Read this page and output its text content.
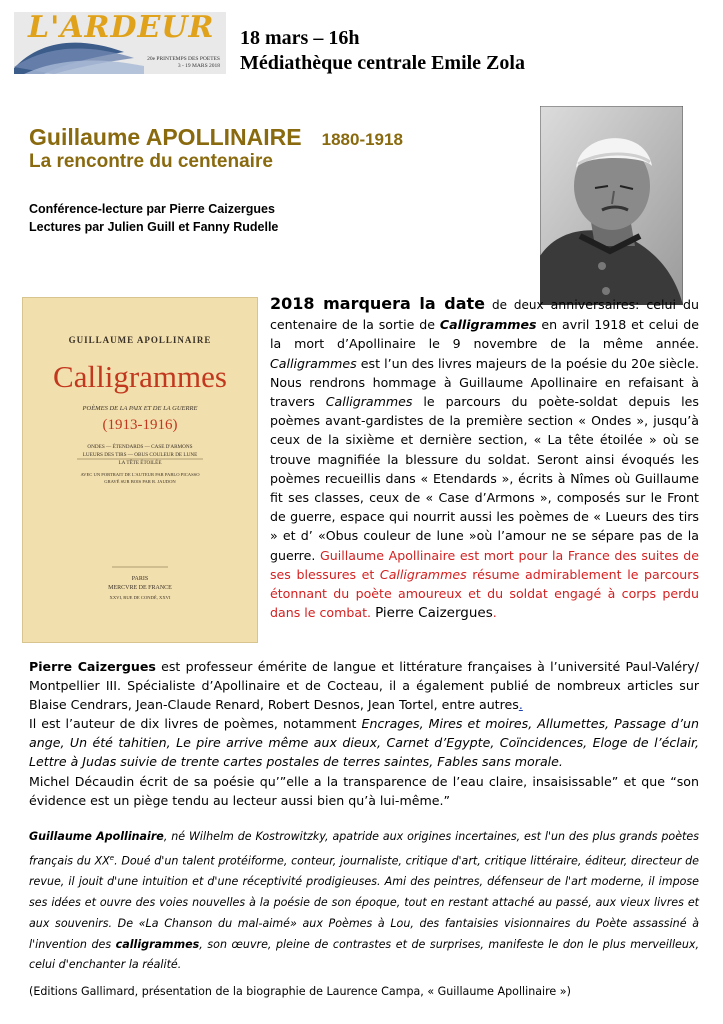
L'ARDEUR
20e PRINTEMPS DES POETES
3 - 19 MARS 2018
18 mars – 16h
Médiathèque centrale Emile Zola
Guillaume APOLLINAIRE 1880-1918
La rencontre du centenaire
Conférence-lecture par Pierre Caizergues
Lectures par Julien Guill et Fanny Rudelle
GUILLAUME APOLLINAIRE
Calligrammes
POÈMES DE LA PAIX ET DE LA GUERRE
(1913-1916)
ONDES — ÉTENDARDS — CASE D'ARMONS
LUEURS DES TIRS — OBUS COULEUR DE LUNE
LA TÊTE ÉTOILÉE
AVEC UN PORTRAIT DE L'AUTEUR PAR PABLO PICASSO
GRAVÉ SUR BOIS PAR R. JAUDON
PARIS
MERCVRE DE FRANCE
XXVI, RUE DE CONDÉ, XXVI
2018 marquera la date de deux anniversaires: celui du centenaire de la sortie de Calligrammes en avril 1918 et celui de la mort d’Apollinaire le 9 novembre de la même année. Calligrammes est l’un des livres majeurs de la poésie du 20e siècle. Nous rendrons hommage à Guillaume Apollinaire en refaisant à travers Calligrammes le parcours du poète-soldat depuis les poèmes avant-gardistes de la première section « Ondes », jusqu’à ceux de la sixième et dernière section, « La tête étoilée » où se trouve magnifiée la blessure du soldat. Seront ainsi évoqués les poèmes recueillis dans « Etendards », écrits à Nîmes où Guillaume fit ses classes, ceux de « Case d’Armons », composés sur le Front de guerre, espace qui nourrit aussi les poèmes de « Lueurs des tirs » et d’ «Obus couleur de lune »où l’amour ne se sépare pas de la guerre. Guillaume Apollinaire est mort pour la France des suites de ses blessures et Calligrammes résume admirablement le parcours étonnant du poète amoureux et du soldat engagé à corps perdu dans le combat. Pierre Caizergues.

Pierre Caizergues est professeur émérite de langue et littérature françaises à l’université Paul-Valéry/ Montpellier III. Spécialiste d’Apollinaire et de Cocteau, il a également publié de nombreux articles sur Blaise Cendrars, Jean-Claude Renard, Robert Desnos, Jean Tortel, entre autres.

Il est l’auteur de dix livres de poèmes, notamment Encrages, Mires et moires, Allumettes, Passage d’un ange, Un été tahitien, Le pire arrive même aux dieux, Carnet d’Egypte, Coïncidences, Eloge de l’éclair, Lettre à Judas suivie de trente cartes postales de terres saintes, Fables sans morale.

Michel Décaudin écrit de sa poésie qu’”elle a la transparence de l’eau claire, insaisissable” et que “son évidence est un piège tendu au lecteur aussi bien qu’à lui-même.”

Guillaume Apollinaire, né Wilhelm de Kostrowitzky, apatride aux origines incertaines, est l'un des plus grands poètes français du XXe. Doué d'un talent protéiforme, conteur, journaliste, critique d'art, critique littéraire, éditeur, directeur de revue, il jouit d'une intuition et d'une réceptivité prodigieuses. Ami des peintres, défenseur de l'art moderne, il impose ses idées et ouvre des voies nouvelles à la poésie de son époque, tout en restant attaché au passé, aux vieux livres et aux souvenirs. De «La Chanson du mal-aimé» aux Poèmes à Lou, des fantaisies visionnaires du Poète assassiné à l'invention des calligrammes, son œuvre, pleine de contrastes et de surprises, manifeste le don le plus merveilleux, celui d'enchanter la réalité.
(Editions Gallimard, présentation de la biographie de Laurence Campa, « Guillaume Apollinaire »)
